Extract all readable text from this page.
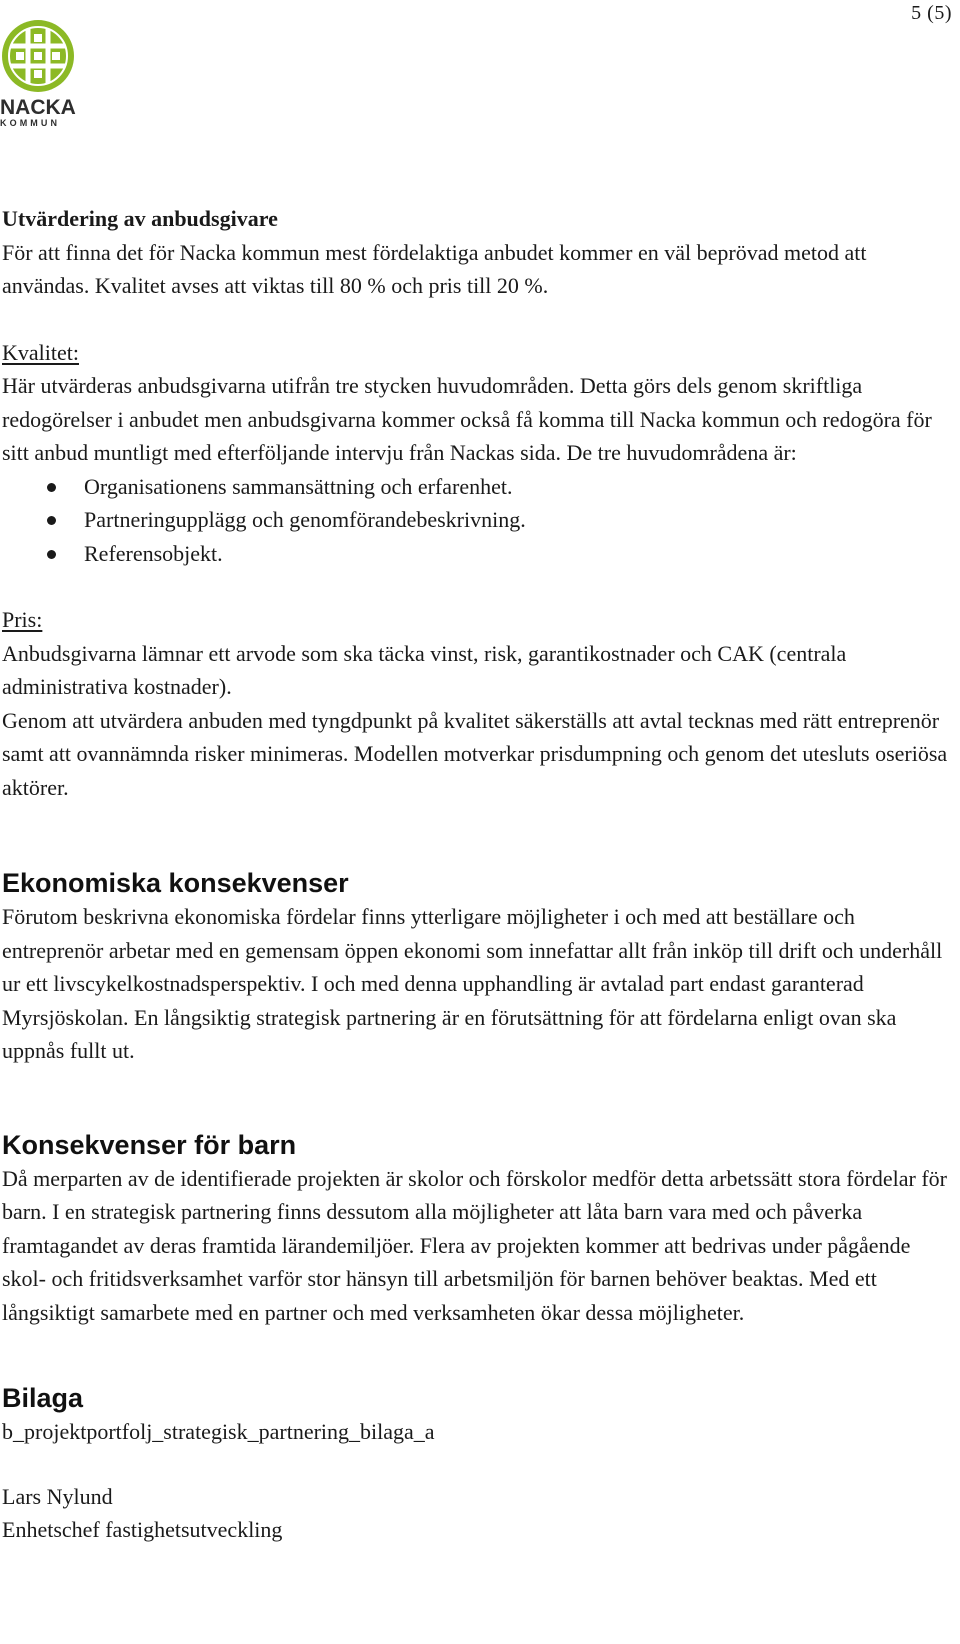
5 (5)
NACKA
KOMMUN

Utvärdering av anbudsgivare

För att finna det för Nacka kommun mest fördelaktiga anbudet kommer en väl beprövad metod att användas. Kvalitet avses att viktas till 80 % och pris till 20 %.

Kvalitet:

Här utvärderas anbudsgivarna utifrån tre stycken huvudområden. Detta görs dels genom skriftliga redogörelser i anbudet men anbudsgivarna kommer också få komma till Nacka kommun och redogöra för sitt anbud muntligt med efterföljande intervju från Nackas sida. De tre huvudområdena är:

Organisationens sammansättning och erfarenhet.
Partneringupplägg och genomförandebeskrivning.
Referensobjekt.

Pris:

Anbudsgivarna lämnar ett arvode som ska täcka vinst, risk, garantikostnader och CAK (centrala administrativa kostnader).

Genom att utvärdera anbuden med tyngdpunkt på kvalitet säkerställs att avtal tecknas med rätt entreprenör samt att ovannämnda risker minimeras. Modellen motverkar prisdumpning och genom det utesluts oseriösa aktörer.

Ekonomiska konsekvenser

Förutom beskrivna ekonomiska fördelar finns ytterligare möjligheter i och med att beställare och entreprenör arbetar med en gemensam öppen ekonomi som innefattar allt från inköp till drift och underhåll ur ett livscykelkostnadsperspektiv. I och med denna upphandling är avtalad part endast garanterad Myrsjöskolan. En långsiktig strategisk partnering är en förutsättning för att fördelarna enligt ovan ska uppnås fullt ut.

Konsekvenser för barn

Då merparten av de identifierade projekten är skolor och förskolor medför detta arbetssätt stora fördelar för barn. I en strategisk partnering finns dessutom alla möjligheter att låta barn vara med och påverka framtagandet av deras framtida lärandemiljöer. Flera av projekten kommer att bedrivas under pågående skol- och fritidsverksamhet varför stor hänsyn till arbetsmiljön för barnen behöver beaktas. Med ett långsiktigt samarbete med en partner och med verksamheten ökar dessa möjligheter.

Bilaga

b_projektportfolj_strategisk_partnering_bilaga_a

Lars Nylund

Enhetschef fastighetsutveckling
